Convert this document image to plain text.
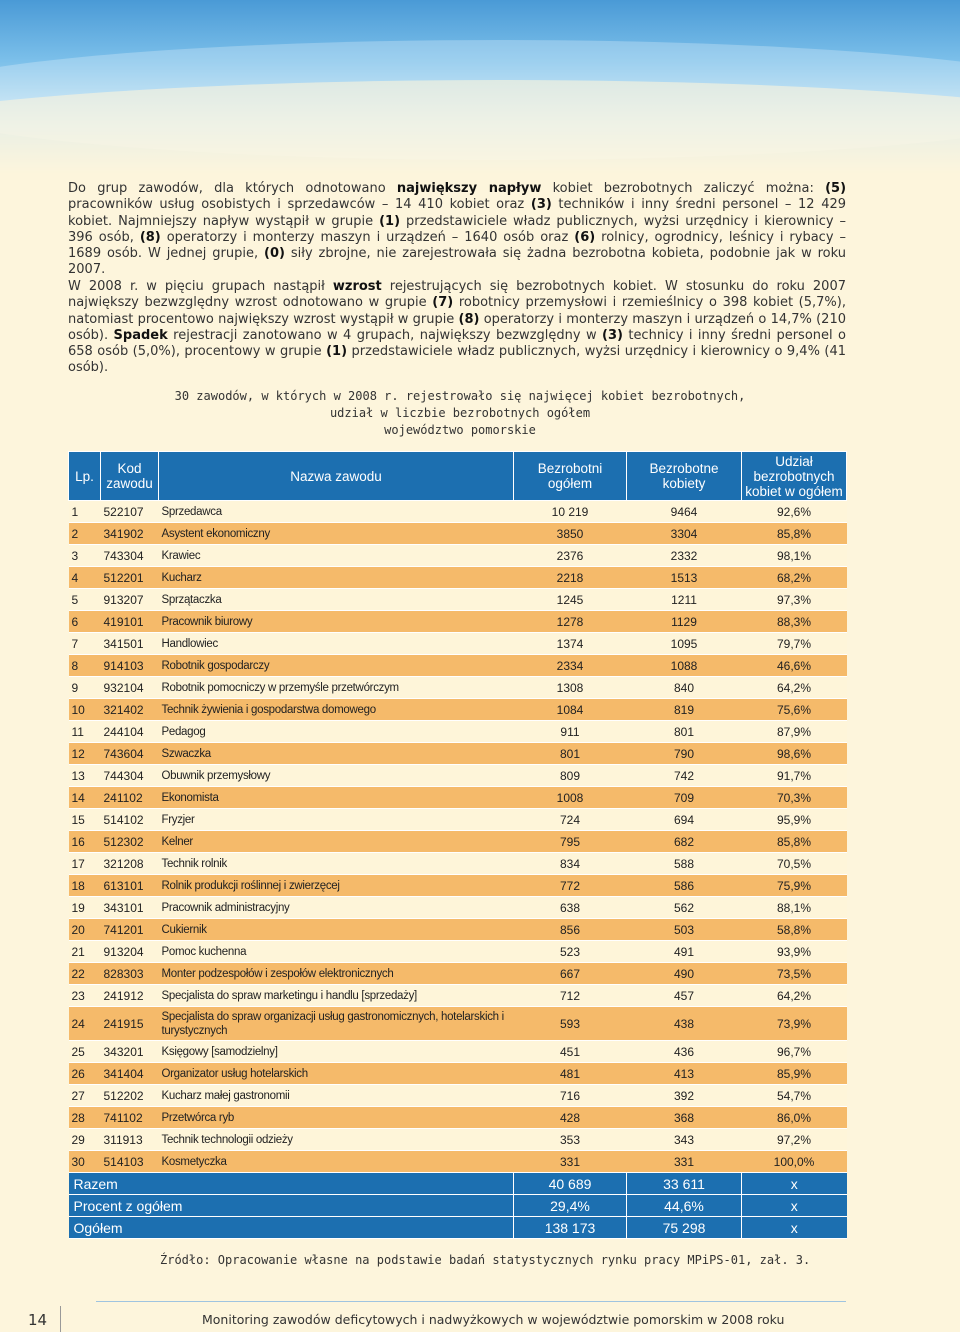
Do grup zawodów, dla których odnotowano największy napływ kobiet bezrobotnych zaliczyć można: (5) pracowników usług osobistych i sprzedawców – 14 410 kobiet oraz (3) techników i inny średni personel – 12 429 kobiet. Najmniejszy napływ wystąpił w grupie (1) przedstawiciele władz publicznych, wyżsi urzędnicy i kierownicy – 396 osób, (8) operatorzy i monterzy maszyn i urządzeń – 1640 osób oraz (6) rolnicy, ogrodnicy, leśnicy i rybacy – 1689 osób. W jednej grupie, (0) siły zbrojne, nie zarejestrowała się żadna bezrobotna kobieta, podobnie jak w roku 2007.
W 2008 r. w pięciu grupach nastąpił wzrost rejestrujących się bezrobotnych kobiet. W stosunku do roku 2007 największy bezwzględny wzrost odnotowano w grupie (7) robotnicy przemysłowi i rzemieślnicy o 398 kobiet (5,7%), natomiast procentowo największy wzrost wystąpił w grupie (8) operatorzy i monterzy maszyn i urządzeń o 14,7% (210 osób). Spadek rejestracji zanotowano w 4 grupach, największy bezwzględny w (3) technicy i inny średni personel o 658 osób (5,0%), procentowy w grupie (1) przedstawiciele władz publicznych, wyżsi urzędnicy i kierownicy o 9,4% (41 osób).
30 zawodów, w których w 2008 r. rejestrowało się najwięcej kobiet bezrobotnych,
udział w liczbie bezrobotnych ogółem
województwo pomorskie
Lp.	Kod zawodu	Nazwa zawodu	Bezrobotni ogółem	Bezrobotne kobiety	Udział bezrobotnych kobiet w ogółem
1	522107	Sprzedawca	10 219	9464	92,6%
2	341902	Asystent ekonomiczny	3850	3304	85,8%
3	743304	Krawiec	2376	2332	98,1%
4	512201	Kucharz	2218	1513	68,2%
5	913207	Sprzątaczka	1245	1211	97,3%
6	419101	Pracownik biurowy	1278	1129	88,3%
7	341501	Handlowiec	1374	1095	79,7%
8	914103	Robotnik gospodarczy	2334	1088	46,6%
9	932104	Robotnik pomocniczy w przemyśle przetwórczym	1308	840	64,2%
10	321402	Technik żywienia i gospodarstwa domowego	1084	819	75,6%
11	244104	Pedagog	911	801	87,9%
12	743604	Szwaczka	801	790	98,6%
13	744304	Obuwnik przemysłowy	809	742	91,7%
14	241102	Ekonomista	1008	709	70,3%
15	514102	Fryzjer	724	694	95,9%
16	512302	Kelner	795	682	85,8%
17	321208	Technik rolnik	834	588	70,5%
18	613101	Rolnik produkcji roślinnej i zwierzęcej	772	586	75,9%
19	343101	Pracownik administracyjny	638	562	88,1%
20	741201	Cukiernik	856	503	58,8%
21	913204	Pomoc kuchenna	523	491	93,9%
22	828303	Monter podzespołów i zespołów elektronicznych	667	490	73,5%
23	241912	Specjalista do spraw marketingu i handlu [sprzedaży]	712	457	64,2%
24	241915	Specjalista do spraw organizacji usług gastronomicznych, hotelarskich i turystycznych	593	438	73,9%
25	343201	Księgowy [samodzielny]	451	436	96,7%
26	341404	Organizator usług hotelarskich	481	413	85,9%
27	512202	Kucharz małej gastronomii	716	392	54,7%
28	741102	Przetwórca ryb	428	368	86,0%
29	311913	Technik technologii odzieży	353	343	97,2%
30	514103	Kosmetyczka	331	331	100,0%
Razem			40 689	33 611	x
Procent z ogółem			29,4%	44,6%	x
Ogółem			138 173	75 298	x
Źródło: Opracowanie własne na podstawie badań statystycznych rynku pracy MPiPS-01, zał. 3.
14	Monitoring zawodów deficytowych i nadwyżkowych w województwie pomorskim w 2008 roku
